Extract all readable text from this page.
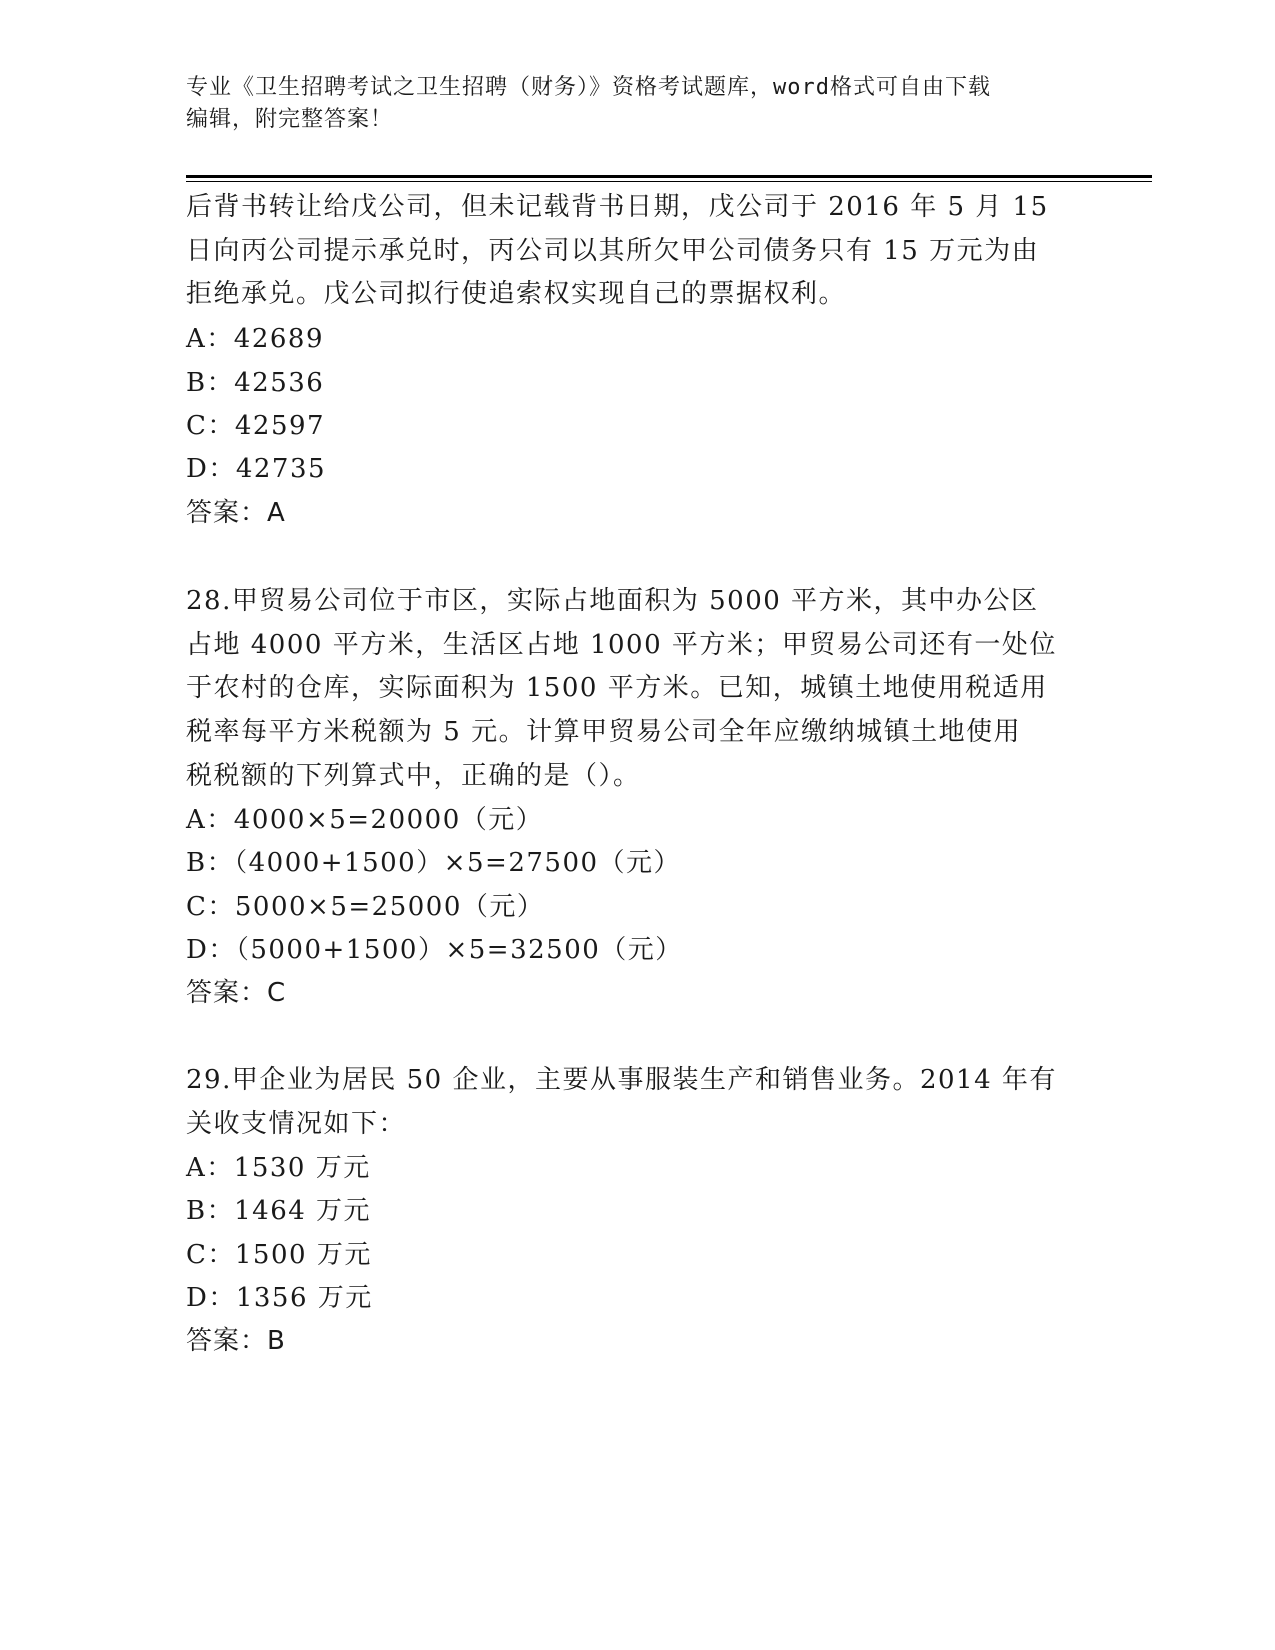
专业《卫生招聘考试之卫生招聘（财务）》资格考试题库，word格式可自由下载
编辑，附完整答案！
后背书转让给戊公司，但未记载背书日期，戊公司于 2016 年 5 月 15
日向丙公司提示承兑时，丙公司以其所欠甲公司债务只有 15 万元为由
拒绝承兑。戊公司拟行使追索权实现自己的票据权利。
A：42689
B：42536
C：42597
D：42735
答案：A
28.甲贸易公司位于市区，实际占地面积为 5000 平方米，其中办公区
占地 4000 平方米，生活区占地 1000 平方米；甲贸易公司还有一处位
于农村的仓库，实际面积为 1500 平方米。已知，城镇土地使用税适用
税率每平方米税额为 5 元。计算甲贸易公司全年应缴纳城镇土地使用
税税额的下列算式中，正确的是（）。
A：4000×5=20000（元）
B：（4000+1500）×5=27500（元）
C：5000×5=25000（元）
D：（5000+1500）×5=32500（元）
答案：C
29.甲企业为居民 50 企业，主要从事服装生产和销售业务。2014 年有
关收支情况如下：
A：1530 万元
B：1464 万元
C：1500 万元
D：1356 万元
答案：B
